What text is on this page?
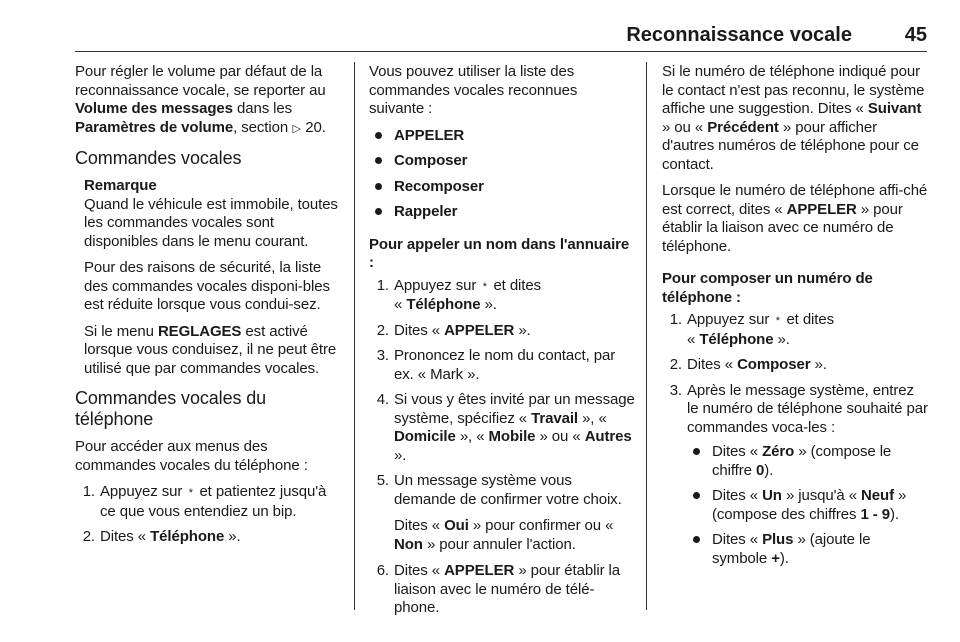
Reconnaissance vocale	45

Pour régler le volume par défaut de la reconnaissance vocale, se reporter au Volume des messages dans les Paramètres de volume, section ▷ 20.

Commandes vocales
Remarque

Quand le véhicule est immobile, toutes les commandes vocales sont disponibles dans le menu courant.

Pour des raisons de sécurité, la liste des commandes vocales disponi-bles est réduite lorsque vous condui-sez.

Si le menu REGLAGES est activé lorsque vous conduisez, il ne peut être utilisé que par commandes vocales.

Commandes vocales du téléphone

Pour accéder aux menus des commandes vocales du téléphone :

1. Appuyez sur * et patientez jusqu'à ce que vous entendiez un bip.
2. Dites « Téléphone ».

Vous pouvez utiliser la liste des commandes vocales reconnues suivante :

APPELER
Composer
Recomposer
Rappeler
Pour appeler un nom dans l'annuaire :
1. Appuyez sur * et dites
« Téléphone ».
2. Dites « APPELER ».
3. Prononcez le nom du contact, par ex. « Mark ».
4. Si vous y êtes invité par un message système, spécifiez « Travail », « Domicile », « Mobile » ou « Autres ».
5. Un message système vous demande de confirmer votre choix.

Dites « Oui » pour confirmer ou « Non » pour annuler l'action.

6. Dites « APPELER » pour établir la liaison avec le numéro de télé-phone.

Si le numéro de téléphone indiqué pour le contact n'est pas reconnu, le système affiche une suggestion. Dites « Suivant » ou « Précédent » pour afficher d'autres numéros de téléphone pour ce contact.

Lorsque le numéro de téléphone affi-ché est correct, dites « APPELER » pour établir la liaison avec ce numéro de téléphone.

Pour composer un numéro de téléphone :
1. Appuyez sur * et dites
« Téléphone ».
2. Dites « Composer ».
3. Après le message système, entrez le numéro de téléphone souhaité par commandes voca-les :
Dites « Zéro » (compose le chiffre 0).
Dites « Un » jusqu'à « Neuf » (compose des chiffres 1 - 9).
Dites « Plus » (ajoute le symbole +).
